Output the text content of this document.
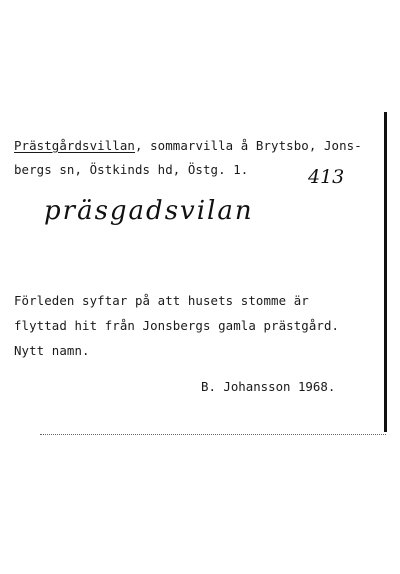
Prästgårdsvillan, sommarvilla å Brytsbo, Jons-
bergs sn, Östkinds hd, Östg. 1.	413
präsgadsvilan
Förleden syftar på att husets stomme är
flyttad hit från Jonsbergs gamla prästgård.
Nytt namn.
B. Johansson 1968.
